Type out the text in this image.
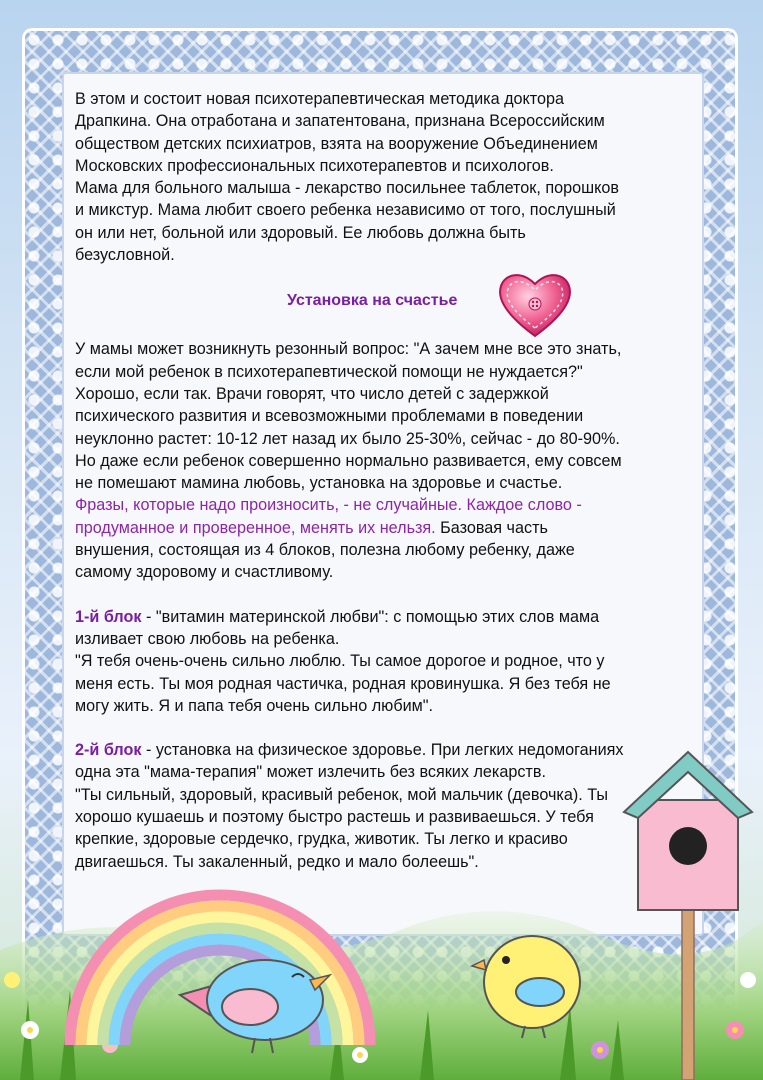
В этом и состоит новая психотерапевтическая методика доктора

Драпкина. Она отработана и запатентована, признана Всероссийским

обществом детских психиатров, взята на вооружение Объединением

Московских профессиональных психотерапевтов и психологов.

Мама для больного малыша - лекарство посильнее таблеток, порошков

и микстур. Мама любит своего ребенка независимо от того, послушный

он или нет, больной или здоровый. Ее любовь должна быть

безусловной.

Установка на счастье

У мамы может возникнуть резонный вопрос: "А зачем мне все это знать,

если мой ребенок в психотерапевтической помощи не нуждается?"

Хорошо, если так. Врачи говорят, что число детей с задержкой

психического развития и всевозможными проблемами в поведении

неуклонно растет: 10-12 лет назад их было 25-30%, сейчас - до 80-90%.

Но даже если ребенок совершенно нормально развивается, ему совсем

не помешают мамина любовь, установка на здоровье и счастье.

Фразы, которые надо произносить, - не случайные. Каждое слово -

продуманное и проверенное, менять их нельзя. Базовая часть

внушения, состоящая из 4 блоков, полезна любому ребенку, даже

самому здоровому и счастливому.

1-й блок - "витамин материнской любви": с помощью этих слов мама

изливает свою любовь на ребенка.

"Я тебя очень-очень сильно люблю. Ты самое дорогое и родное, что у

меня есть. Ты моя родная частичка, родная кровинушка. Я без тебя не

могу жить. Я и папа тебя очень сильно любим".

2-й блок - установка на физическое здоровье. При легких недомоганиях

одна эта "мама-терапия" может излечить без всяких лекарств.

"Ты сильный, здоровый, красивый ребенок, мой мальчик (девочка). Ты

хорошо кушаешь и поэтому быстро растешь и развиваешься. У тебя

крепкие, здоровые сердечко, грудка, животик. Ты легко и красиво

двигаешься. Ты закаленный, редко и мало болеешь".
